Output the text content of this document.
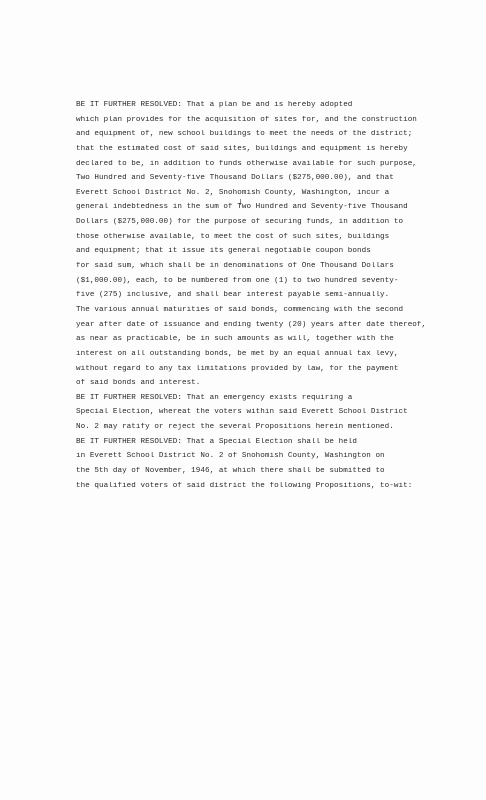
BE IT FURTHER RESOLVED: That a plan be and is hereby adopted
which plan provides for the acquisition of sites for, and the construction
and equipment of, new school buildings to meet the needs of the district;
that the estimated cost of said sites, buildings and equipment is hereby
declared to be, in addition to funds otherwise available for such purpose,
Two Hundred and Seventy-five Thousand Dollars ($275,000.00), and that
Everett School District No. 2, Snohomish County, Washington, incur a
general indebtedness in the sum of Two Hundred and Seventy-five Thousand
Dollars ($275,000.00) for the purpose of securing funds, in addition to
those otherwise available, to meet the cost of such sites, buildings
and equipment; that it issue its general negotiable coupon bonds
for said sum, which shall be in denominations of One Thousand Dollars
($1,000.00), each, to be numbered from one (1) to two hundred seventy-
five (275) inclusive, and shall bear interest payable semi-annually.
The various annual maturities of said bonds, commencing with the second
year after date of issuance and ending twenty (20) years after date thereof,
as near as practicable, be in such amounts as will, together with the
interest on all outstanding bonds, be met by an equal annual tax levy,
without regard to any tax limitations provided by law, for the payment
of said bonds and interest.
BE IT FURTHER RESOLVED: That an emergency exists requiring a
Special Election, whereat the voters within said Everett School District
No. 2 may ratify or reject the several Propositions herein mentioned.
BE IT FURTHER RESOLVED: That a Special Election shall be held
in Everett School District No. 2 of Snohomish County, Washington on
the 5th day of November, 1946, at which there shall be submitted to
the qualified voters of said district the following Propositions, to-wit:
